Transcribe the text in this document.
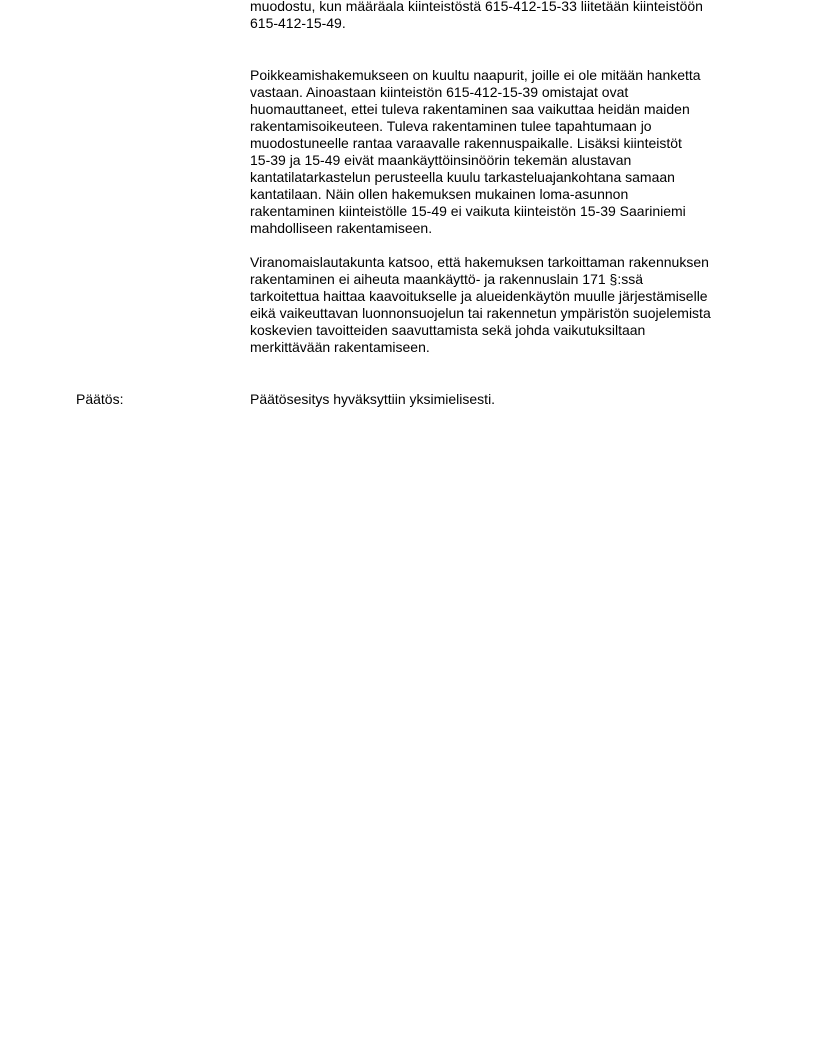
muodostu, kun määräala kiinteistöstä 615-412-15-33 liitetään kiinteistöön
615-412-15-49.
Poikkeamishakemukseen on kuultu naapurit, joille ei ole mitään hanketta
vastaan. Ainoastaan kiinteistön 615-412-15-39 omistajat ovat
huomauttaneet, ettei tuleva rakentaminen saa vaikuttaa heidän maiden
rakentamisoikeuteen. Tuleva rakentaminen tulee tapahtumaan jo
muodostuneelle rantaa varaavalle rakennuspaikalle. Lisäksi kiinteistöt
15-39 ja 15-49 eivät maankäyttöinsinöörin tekemän alustavan
kantatilatarkastelun perusteella kuulu tarkasteluajankohtana samaan
kantatilaan. Näin ollen hakemuksen mukainen loma-asunnon
rakentaminen kiinteistölle 15-49 ei vaikuta kiinteistön 15-39 Saariniemi
mahdolliseen rakentamiseen.
Viranomaislautakunta katsoo, että hakemuksen tarkoittaman rakennuksen
rakentaminen ei aiheuta maankäyttö- ja rakennuslain 171 §:ssä
tarkoitettua haittaa kaavoitukselle ja alueidenkäytön muulle järjestämiselle
eikä vaikeuttavan luonnonsuojelun tai rakennetun ympäristön suojelemista
koskevien tavoitteiden saavuttamista sekä johda vaikutuksiltaan
merkittävään rakentamiseen.
Päätös:	Päätösesitys hyväksyttiin yksimielisesti.
